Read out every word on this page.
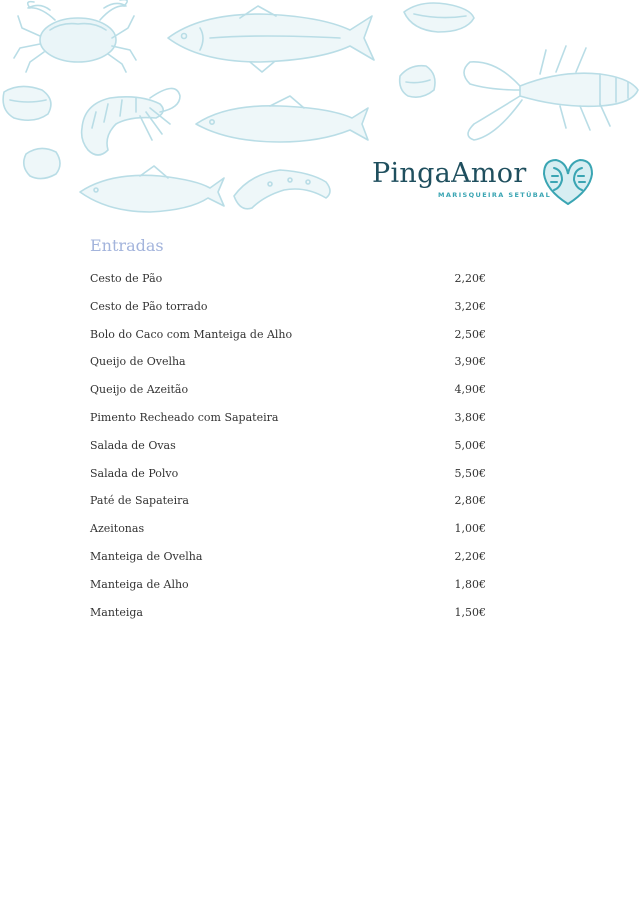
PingaAmor
MARISQUEIRA SETÚBAL
Entradas
Cesto de Pão	2,20€
Cesto de Pão torrado	3,20€
Bolo do Caco com Manteiga de Alho	2,50€
Queijo de Ovelha	3,90€
Queijo de Azeitão	4,90€
Pimento Recheado com Sapateira	3,80€
Salada de Ovas	5,00€
Salada de Polvo	5,50€
Paté de Sapateira	2,80€
Azeitonas	1,00€
Manteiga de Ovelha	2,20€
Manteiga de Alho	1,80€
Manteiga	1,50€
